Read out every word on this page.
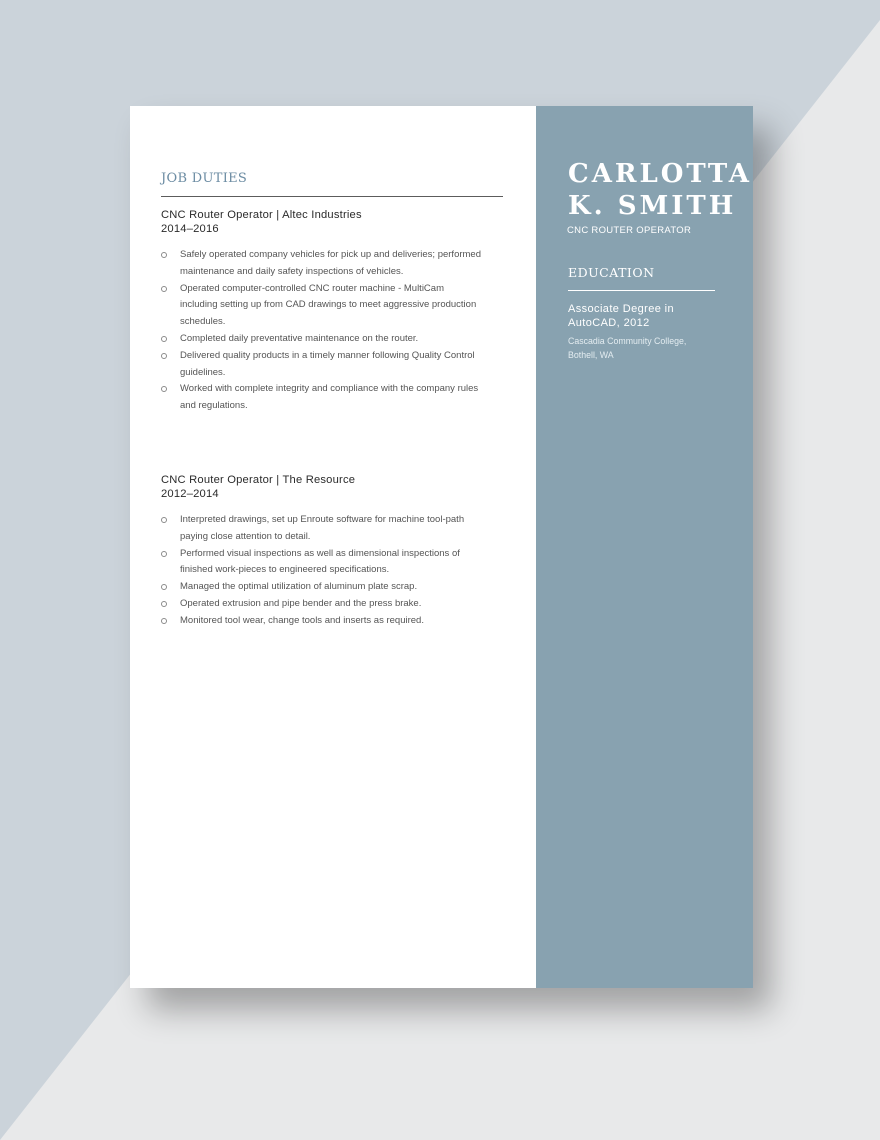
JOB DUTIES
CNC Router Operator | Altec Industries
2014–2016
Safely operated company vehicles for pick up and deliveries; performed maintenance and daily safety inspections of vehicles.
Operated computer-controlled CNC router machine - MultiCam including setting up from CAD drawings to meet aggressive production schedules.
Completed daily preventative maintenance on the router.
Delivered quality products in a timely manner following Quality Control guidelines.
Worked with complete integrity and compliance with the company rules and regulations.
CNC Router Operator | The Resource
2012–2014
Interpreted drawings, set up Enroute software for machine tool-path paying close attention to detail.
Performed visual inspections as well as dimensional inspections of finished work-pieces to engineered specifications.
Managed the optimal utilization of aluminum plate scrap.
Operated extrusion and pipe bender and the press brake.
Monitored tool wear, change tools and inserts as required.
CARLOTTA
K. SMITH
CNC ROUTER OPERATOR
EDUCATION
Associate Degree in AutoCAD, 2012
Cascadia Community College, Bothell, WA
